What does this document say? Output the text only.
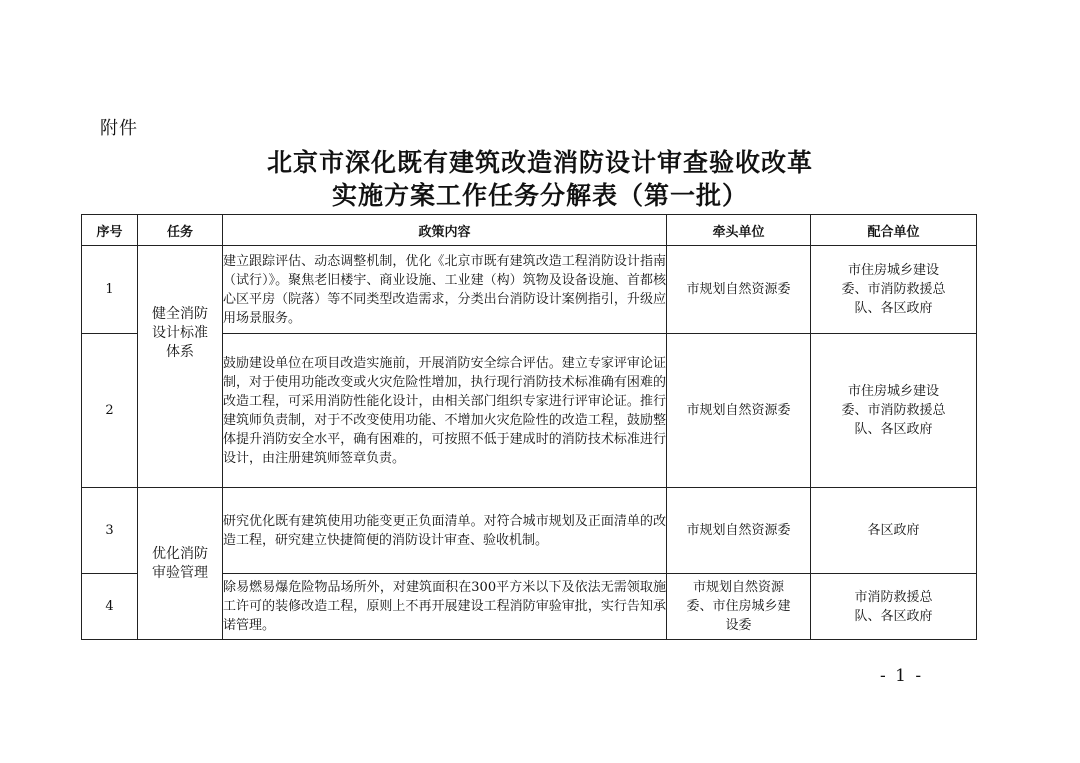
附件
北京市深化既有建筑改造消防设计审查验收改革
实施方案工作任务分解表（第一批）
序号	任务	政策内容	牵头单位	配合单位
1	健全消防设计标准体系	建立跟踪评估、动态调整机制，优化《北京市既有建筑改造工程消防设计指南（试行）》。聚焦老旧楼宇、商业设施、工业建（构）筑物及设备设施、首都核心区平房（院落）等不同类型改造需求，分类出台消防设计案例指引，升级应用场景服务。	市规划自然资源委	市住房城乡建设委、市消防救援总队、各区政府

2		鼓励建设单位在项目改造实施前，开展消防安全综合评估。建立专家评审论证制，对于使用功能改变或火灾危险性增加，执行现行消防技术标准确有困难的改造工程，可采用消防性能化设计，由相关部门组织专家进行评审论证。推行建筑师负责制，对于不改变使用功能、不增加火灾危险性的改造工程，鼓励整体提升消防安全水平，确有困难的，可按照不低于建成时的消防技术标准进行设计，由注册建筑师签章负责。	市规划自然资源委	市住房城乡建设委、市消防救援总队、各区政府

3	优化消防审验管理	研究优化既有建筑使用功能变更正负面清单。对符合城市规划及正面清单的改造工程，研究建立快捷简便的消防设计审查、验收机制。	市规划自然资源委	各区政府
4		除易燃易爆危险物品场所外，对建筑面积在300平方米以下及依法无需领取施工许可的装修改造工程，原则上不再开展建设工程消防审验审批，实行告知承诺管理。	市规划自然资源委、市住房城乡建设委	市消防救援总队、各区政府
- 1 -
